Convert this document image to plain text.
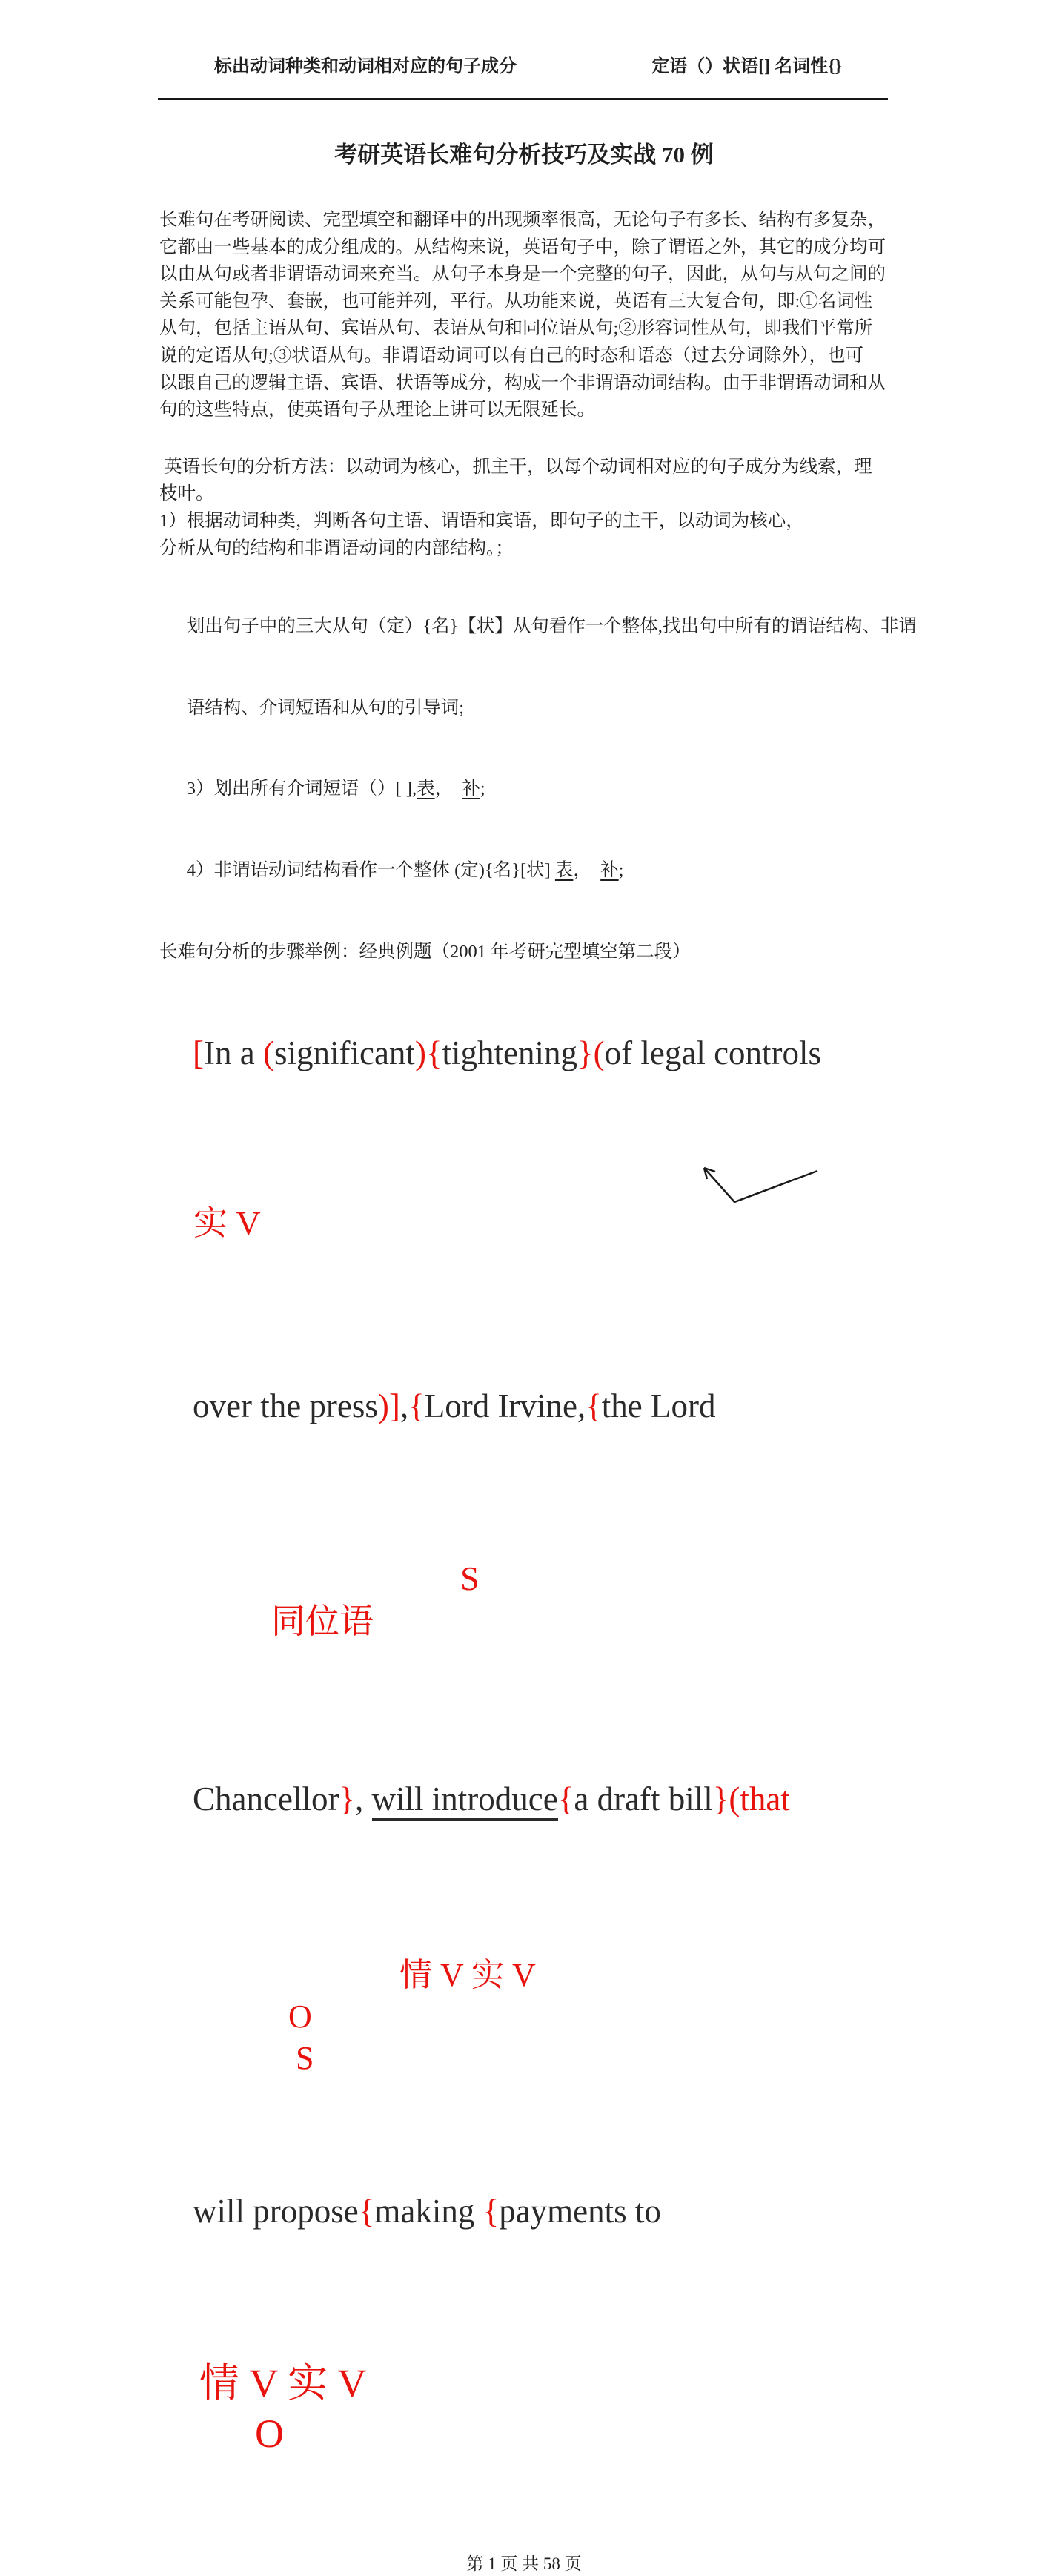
标出动词种类和动词相对应的句子成分	定语（）状语[] 名词性{}
考研英语长难句分析技巧及实战 70 例
长难句在考研阅读、完型填空和翻译中的出现频率很高，无论句子有多长、结构有多复杂，
它都由一些基本的成分组成的。从结构来说，英语句子中，除了谓语之外，其它的成分均可
以由从句或者非谓语动词来充当。从句子本身是一个完整的句子，因此，从句与从句之间的
关系可能包孕、套嵌，也可能并列，平行。从功能来说，英语有三大复合句，即:①名词性
从句，包括主语从句、宾语从句、表语从句和同位语从句;②形容词性从句，即我们平常所
说的定语从句;③状语从句。非谓语动词可以有自己的时态和语态（过去分词除外），也可
以跟自己的逻辑主语、宾语、状语等成分，构成一个非谓语动词结构。由于非谓语动词和从
句的这些特点，使英语句子从理论上讲可以无限延长。
英语长句的分析方法：以动词为核心，抓主干，以每个动词相对应的句子成分为线索，理
枝叶。
1）根据动词种类，判断各句主语、谓语和宾语，即句子的主干，以动词为核心，
分析从句的结构和非谓语动词的内部结构。；

划出句子中的三大从句（定）{名}【状】从句看作一个整体,找出句中所有的谓语结构、非谓

语结构、介词短语和从句的引导词;

3）划出所有介词短语（）[ ],表，　补;

4）非谓语动词结构看作一个整体 (定){名}[状] 表，　补;

长难句分析的步骤举例：经典例题（2001 年考研完型填空第二段）

[In a (significant){tightening}(of legal controls

实 V

over the press)],{Lord Irvine,{the Lord

S
同位语

Chancellor}, will introduce{a draft bill}(that

情 V 实 V
O
S

will propose{making {payments to

情 V 实 V
O

第 1 页 共 58 页
